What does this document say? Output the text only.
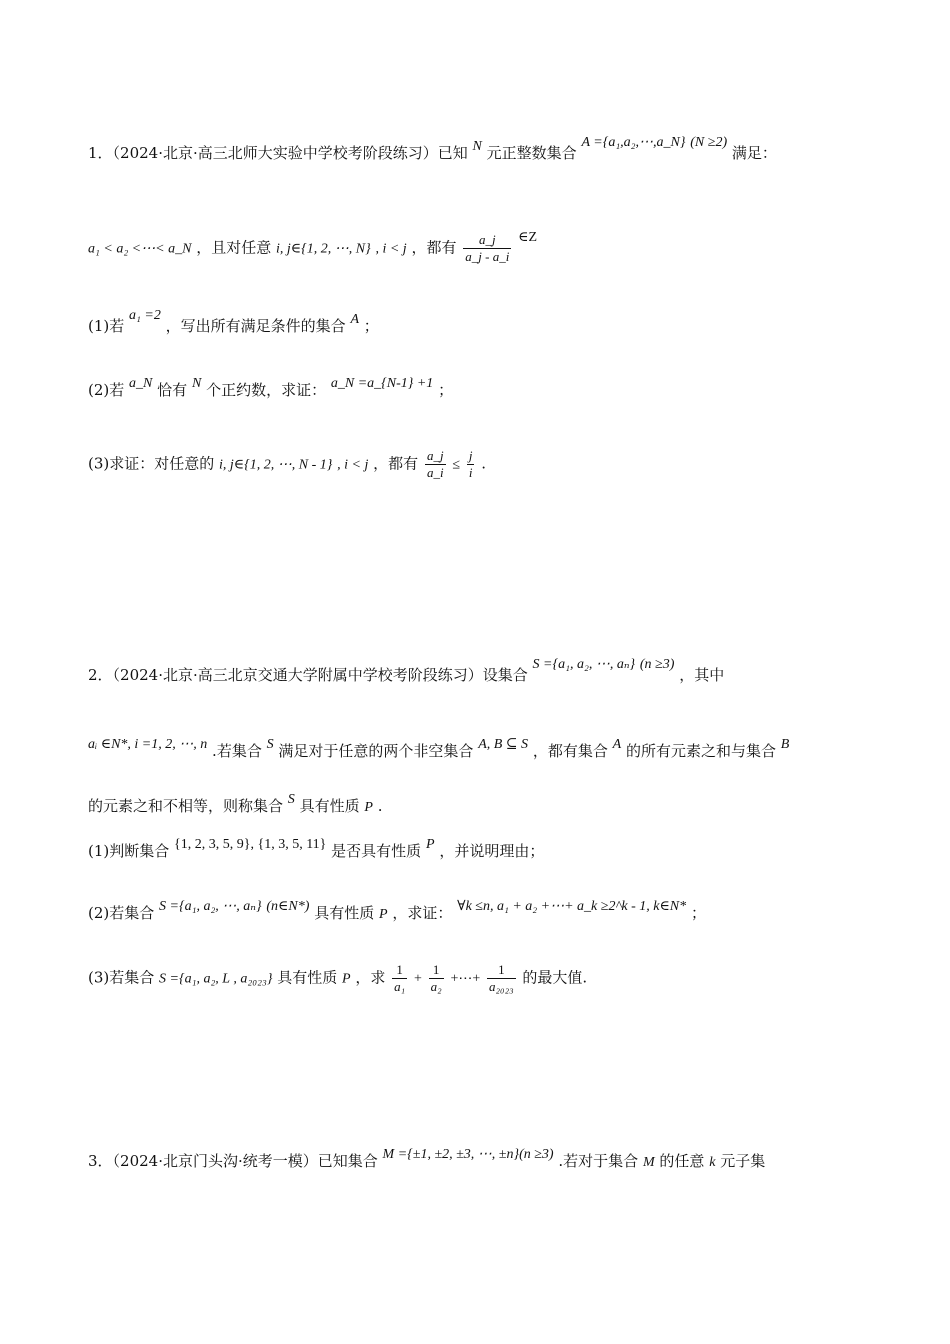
1．（2024·北京·高三北师大实验中学校考阶段练习）已知 N 元正整数集合 A ={a₁,a₂,⋯,a_N} (N ≥2) 满足：
a₁ < a₂ <⋯< a_N ，且对任意 i, j∈{1, 2, ⋯, N} , i < j ，都有 $\frac{a\_j}{a\_j - a\_i}$ ∈Z
(1)若 a₁ =2 ，写出所有满足条件的集合 A ；
(2)若 a_N 恰有 N 个正约数，求证： a_N =a_{N-1} +1 ；
(3)求证：对任意的 i, j∈{1, 2, ⋯, N - 1} , i < j ，都有 $\frac{a\_j}{a\_i} \le \frac{j}{i}$ .
2．（2024·北京·高三北京交通大学附属中学校考阶段练习）设集合 S ={a₁, a₂, ⋯, aₙ} (n ≥3) ，其中
aᵢ ∈N*, i =1, 2, ⋯, n .若集合 S 满足对于任意的两个非空集合 A, B ⊆ S ，都有集合 A 的所有元素之和与集合 B
的元素之和不相等，则称集合 S 具有性质 P .
(1)判断集合 {1, 2, 3, 5, 9}, {1, 3, 5, 11} 是否具有性质 P ，并说明理由；
(2)若集合 S ={a₁, a₂, ⋯, aₙ} (n∈N*) 具有性质 P ，求证： ∀k ≤n, a₁ + a₂ +⋯+ a_k ≥2^k - 1, k∈N* ；
(3)若集合 S ={a₁, a₂, L , a₂₀₂₃} 具有性质 P ，求 $\frac{1}{\text{a₁}} + \frac{1}{\text{a₂}}$ +⋯+ $\frac{1}{\text{a₂₀₂₃}}$ 的最大值.
3．（2024·北京门头沟·统考一模）已知集合 M ={±1, ±2, ±3, ⋯, ±n}(n ≥3) .若对于集合 M 的任意 k 元子集
